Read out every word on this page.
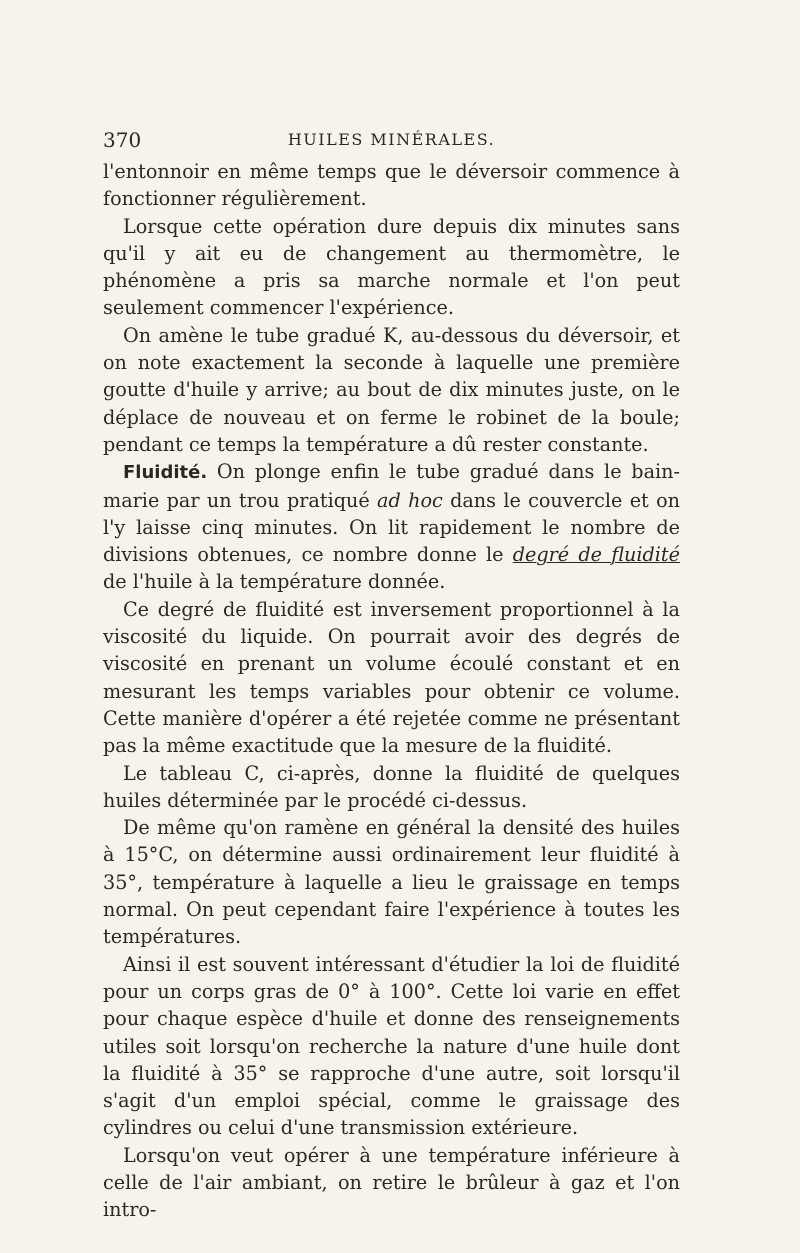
370	HUILES MINÉRALES.

l'entonnoir en même temps que le déversoir commence à fonctionner régulièrement.

Lorsque cette opération dure depuis dix minutes sans qu'il y ait eu de changement au thermomètre, le phénomène a pris sa marche normale et l'on peut seulement commencer l'expérience.

On amène le tube gradué K, au-dessous du déversoir, et on note exactement la seconde à laquelle une première goutte d'huile y arrive; au bout de dix minutes juste, on le déplace de nouveau et on ferme le robinet de la boule; pendant ce temps la température a dû rester constante.

Fluidité. On plonge enfin le tube gradué dans le bain-marie par un trou pratiqué ad hoc dans le couvercle et on l'y laisse cinq minutes. On lit rapidement le nombre de divisions obtenues, ce nombre donne le degré de fluidité de l'huile à la température donnée.

Ce degré de fluidité est inversement proportionnel à la viscosité du liquide. On pourrait avoir des degrés de viscosité en prenant un volume écoulé constant et en mesurant les temps variables pour obtenir ce volume. Cette manière d'opérer a été rejetée comme ne présentant pas la même exactitude que la mesure de la fluidité.

Le tableau C, ci-après, donne la fluidité de quelques huiles déterminée par le procédé ci-dessus.

De même qu'on ramène en général la densité des huiles à 15°C, on détermine aussi ordinairement leur fluidité à 35°, température à laquelle a lieu le graissage en temps normal. On peut cependant faire l'expérience à toutes les températures.

Ainsi il est souvent intéressant d'étudier la loi de fluidité pour un corps gras de 0° à 100°. Cette loi varie en effet pour chaque espèce d'huile et donne des renseignements utiles soit lorsqu'on recherche la nature d'une huile dont la fluidité à 35° se rapproche d'une autre, soit lorsqu'il s'agit d'un emploi spécial, comme le graissage des cylindres ou celui d'une transmission extérieure.

Lorsqu'on veut opérer à une température inférieure à celle de l'air ambiant, on retire le brûleur à gaz et l'on intro-
